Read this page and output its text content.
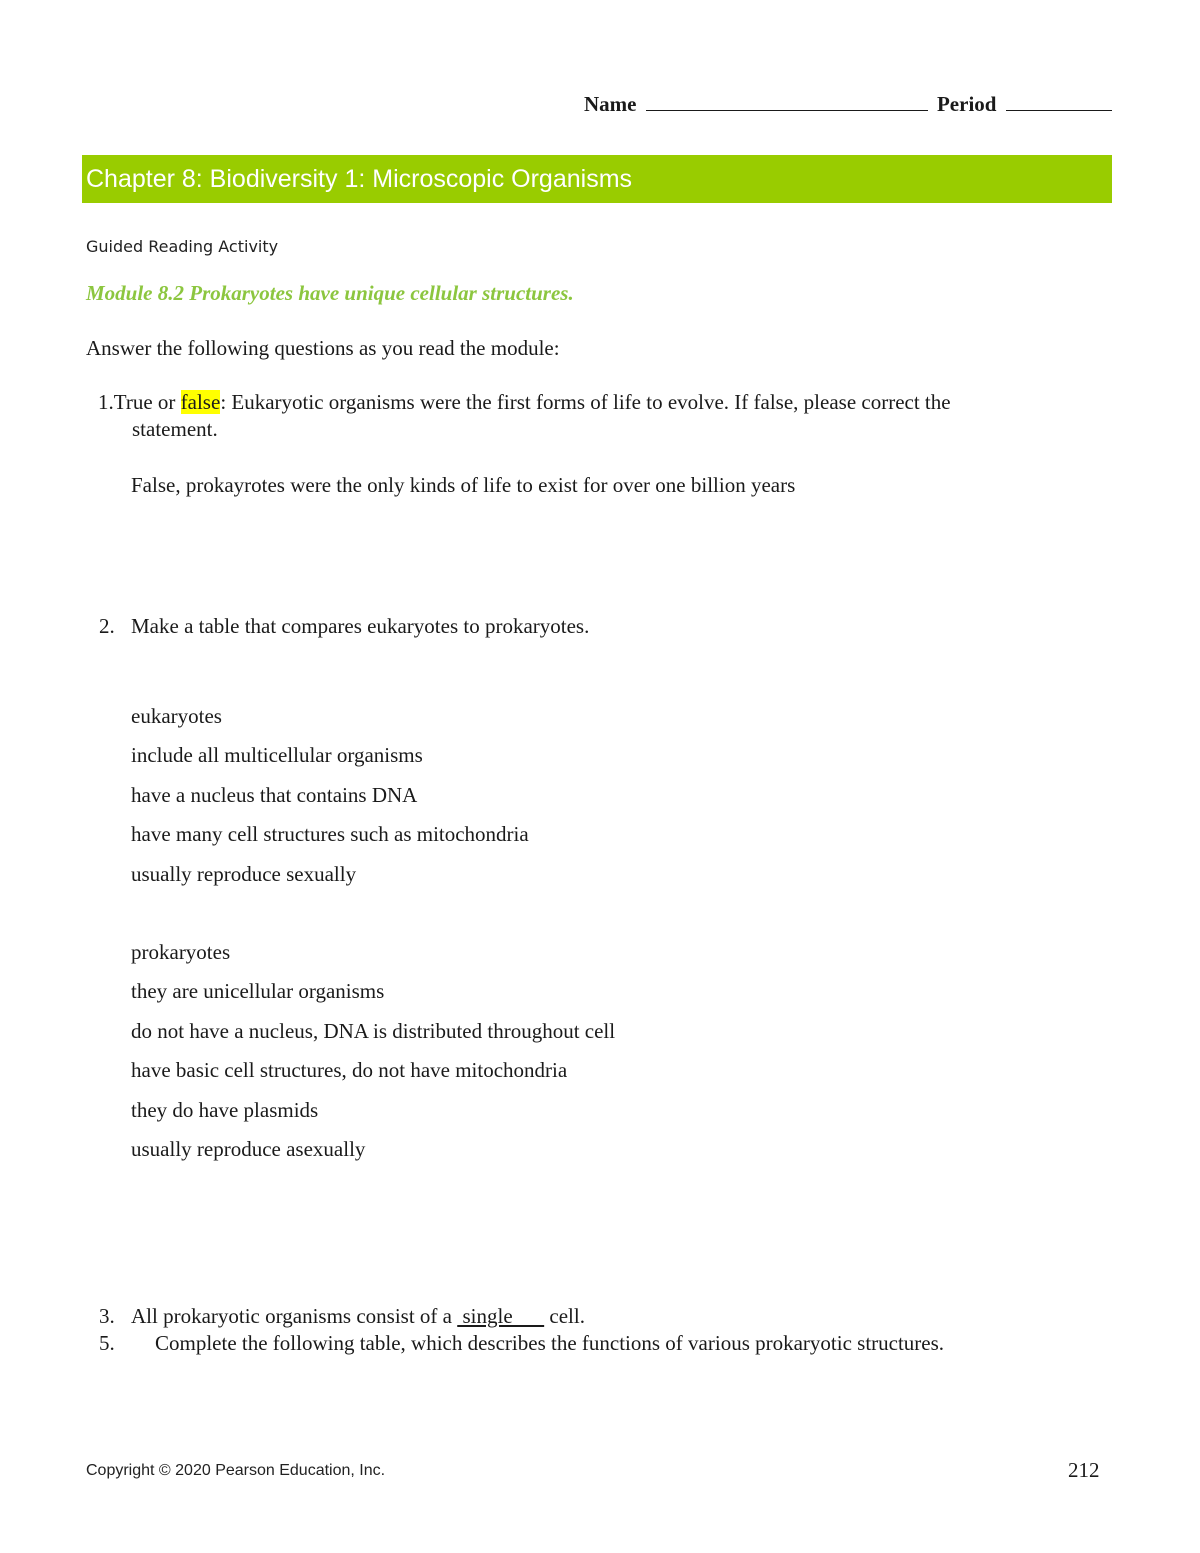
Name	Period
Chapter 8: Biodiversity 1: Microscopic Organisms
Guided Reading Activity
Module 8.2 Prokaryotes have unique cellular structures.
Answer the following questions as you read the module:
1.True or false: Eukaryotic organisms were the first forms of life to evolve. If false, please correct the
statement.
False, prokayrotes were the only kinds of life to exist for over one billion years
2. Make a table that compares eukaryotes to prokaryotes.
eukaryotes
include all multicellular organisms
have a nucleus that contains DNA
have many cell structures such as mitochondria
usually reproduce sexually
prokaryotes
they are unicellular organisms
do not have a nucleus, DNA is distributed throughout cell
have basic cell structures, do not have mitochondria
they do have plasmids
usually reproduce asexually
3. All prokaryotic organisms consist of a  single       cell.
5. Complete the following table, which describes the functions of various prokaryotic structures.
Copyright © 2020 Pearson Education, Inc.	212
